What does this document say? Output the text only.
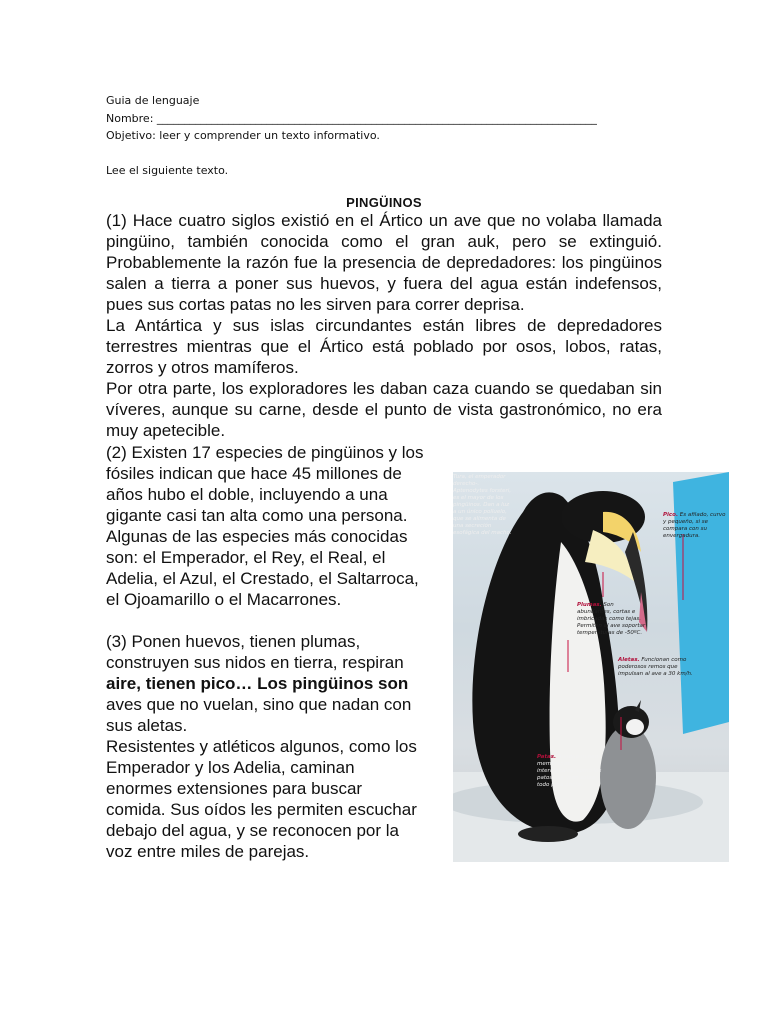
Guia de lenguaje
Nombre: ________________________________________________________________________________
Objetivo: leer y comprender un texto informativo.
Lee el siguiente texto.
PINGÜINOS

(1) Hace cuatro siglos existió en el Ártico un ave que no volaba llamada pingüino, también conocida como el gran auk, pero se extinguió. Probablemente la razón fue la presencia de depredadores: los pingüinos salen a tierra a poner sus huevos, y fuera del agua están indefensos, pues sus cortas patas no les sirven para correr deprisa.

La Antártica y sus islas circundantes están libres de depredadores terrestres mientras que el Ártico está poblado por osos, lobos, ratas, zorros y otros mamíferos.

Por otra parte, los exploradores les daban caza cuando se quedaban sin víveres, aunque su carne, desde el punto de vista gastronómico, no era muy apetecible.

(2) Existen 17 especies de pingüinos y los fósiles indican que hace 45 millones de años hubo el doble, incluyendo a una gigante casi tan alta como una persona. Algunas de las especies más conocidas son: el Emperador, el Rey, el Real, el Adelia, el Azul, el Crestado, el Saltarroca, el Ojoamarillo o el Macarrones.

(3) Ponen huevos, tienen plumas, construyen sus nidos en tierra, respiran aire, tienen pico… Los pingüinos son aves que no vuelan, sino que nadan con sus aletas.

Resistentes y atléticos algunos, como los Emperador y los Adelia, caminan enormes extensiones para buscar comida. Sus oídos les permiten escuchar debajo del agua, y se reconocen por la voz entre miles de parejas.

Tura, el emperador derecho-. Aptenodytes forsteri, es el mayor de los pingüinos. Dan a luz a un único polluelo, que se alimenta de una secreción esofágica del macho.
Pico. Es afilado, curvo y pequeño, si se compara con su envergadura.
Plumas. Son abundantes, cortas e imbricadas como tejas. Permiten al ave soportar temperaturas de -50ºC.
Aletas. Funcionan como poderosos remos que impulsan al ave a 30 km/h.
Patas. Aunque tienen membranas interdigitales, como los patos, las usan sobre todo para anclar.
